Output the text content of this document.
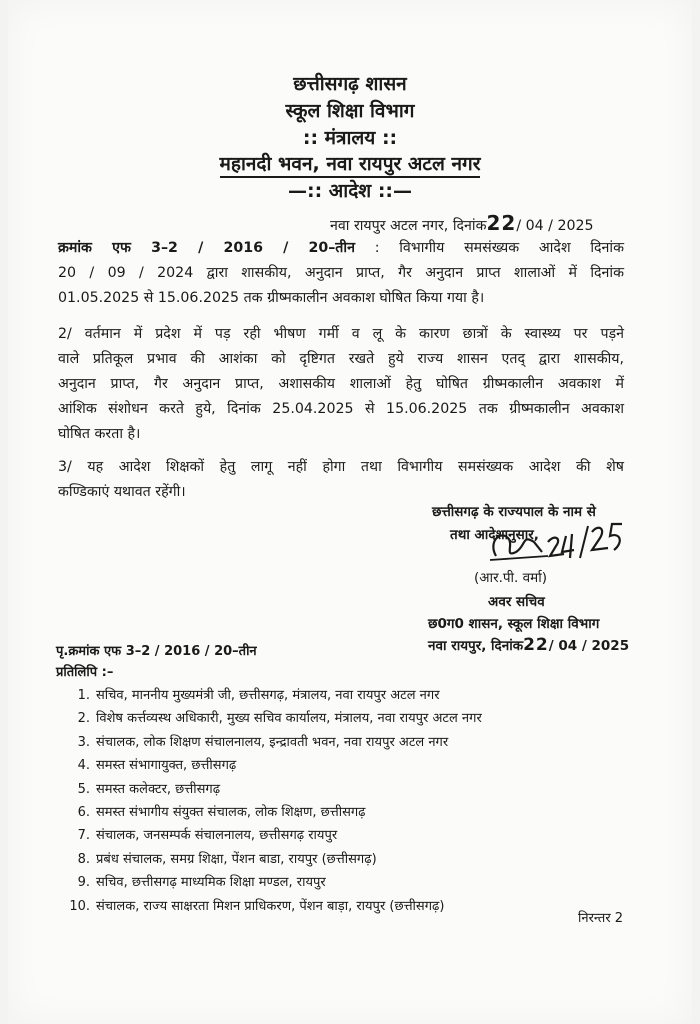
छत्तीसगढ़ शासन
स्कूल शिक्षा विभाग
:: मंत्रालय ::
महानदी भवन, नवा रायपुर अटल नगर
—:: आदेश ::—
नवा रायपुर अटल नगर, दिनांक22/ 04 / 2025
क्रमांक एफ 3–2 / 2016 / 20–तीन : विभागीय समसंख्यक आदेश दिनांक
20 / 09 / 2024 द्वारा शासकीय, अनुदान प्राप्त, गैर अनुदान प्राप्त शालाओं में दिनांक
01.05.2025 से 15.06.2025 तक ग्रीष्मकालीन अवकाश घोषित किया गया है।
2/ वर्तमान में प्रदेश में पड़ रही भीषण गर्मी व लू के कारण छात्रों के स्वास्थ्य पर पड़ने
वाले प्रतिकूल प्रभाव की आशंका को दृष्टिगत रखते हुये राज्य शासन एतद् द्वारा शासकीय,
अनुदान प्राप्त, गैर अनुदान प्राप्त, अशासकीय शालाओं हेतु घोषित ग्रीष्मकालीन अवकाश में
आंशिक संशोधन करते हुये, दिनांक 25.04.2025 से 15.06.2025 तक ग्रीष्मकालीन अवकाश
घोषित करता है।
3/ यह आदेश शिक्षकों हेतु लागू नहीं होगा तथा विभागीय समसंख्यक आदेश की शेष
कण्डिकाएं यथावत रहेंगी।
छत्तीसगढ़ के राज्यपाल के नाम से
तथा आदेशानुसार,
(आर.पी. वर्मा)
अवर सचिव
छ0ग0 शासन, स्कूल शिक्षा विभाग
नवा रायपुर, दिनांक22/ 04 / 2025
पृ.क्रमांक एफ 3–2 / 2016 / 20–तीन
प्रतिलिपि :–
1. सचिव, माननीय मुख्यमंत्री जी, छत्तीसगढ़, मंत्रालय, नवा रायपुर अटल नगर
2. विशेष कर्त्तव्यस्थ अधिकारी, मुख्य सचिव कार्यालय, मंत्रालय, नवा रायपुर अटल नगर
3. संचालक, लोक शिक्षण संचालनालय, इन्द्रावती भवन, नवा रायपुर अटल नगर
4. समस्त संभागायुक्त, छत्तीसगढ़
5. समस्त कलेक्टर, छत्तीसगढ़
6. समस्त संभागीय संयुक्त संचालक, लोक शिक्षण, छत्तीसगढ़
7. संचालक, जनसम्पर्क संचालनालय, छत्तीसगढ़ रायपुर
8. प्रबंध संचालक, समग्र शिक्षा, पेंशन बाडा, रायपुर (छत्तीसगढ़)
9. सचिव, छत्तीसगढ़ माध्यमिक शिक्षा मण्डल, रायपुर
10. संचालक, राज्य साक्षरता मिशन प्राधिकरण, पेंशन बाड़ा, रायपुर (छत्तीसगढ़)
निरन्तर 2
